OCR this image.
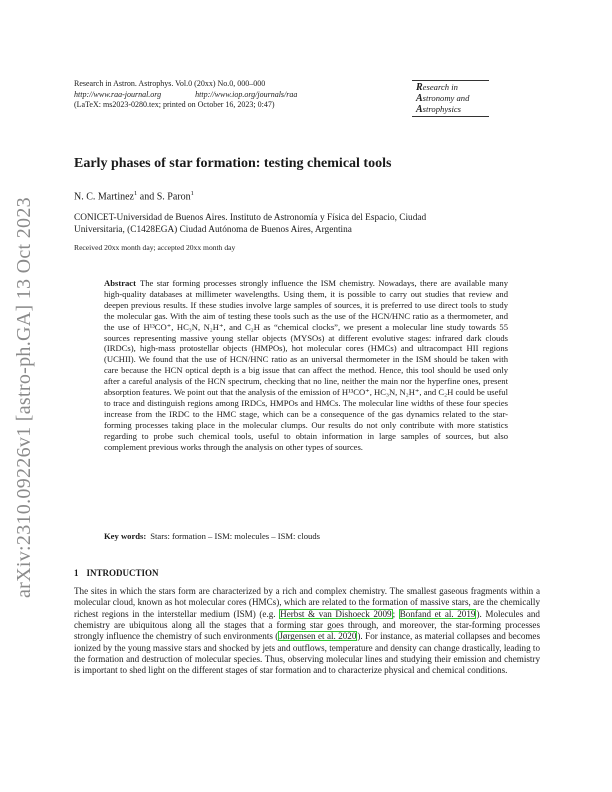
arXiv:2310.09226v1 [astro-ph.GA] 13 Oct 2023
Research in Astron. Astrophys. Vol.0 (20xx) No.0, 000–000
http://www.raa-journal.org	http://www.iop.org/journals/raa
(LaTeX: ms2023-0280.tex; printed on October 16, 2023; 0:47)
Research in
Astronomy and
Astrophysics
Early phases of star formation: testing chemical tools
N. C. Martinez$^1$ and S. Paron$^1$
CONICET-Universidad de Buenos Aires. Instituto de Astronomía y Física del Espacio, Ciudad Universitaria, (C1428EGA) Ciudad Autónoma de Buenos Aires, Argentina
Received 20xx month day; accepted 20xx month day
Abstract The star forming processes strongly influence the ISM chemistry. Nowadays, there are available many high-quality databases at millimeter wavelengths. Using them, it is possible to carry out studies that review and deepen previous results. If these studies involve large samples of sources, it is preferred to use direct tools to study the molecular gas. With the aim of testing these tools such as the use of the HCN/HNC ratio as a thermometer, and the use of H¹³CO⁺, HC₃N, N₂H⁺, and C₂H as “chemical clocks”, we present a molecular line study towards 55 sources representing massive young stellar objects (MYSOs) at different evolutive stages: infrared dark clouds (IRDCs), high-mass protostellar objects (HMPOs), hot molecular cores (HMCs) and ultracompact HII regions (UCHII). We found that the use of HCN/HNC ratio as an universal thermometer in the ISM should be taken with care because the HCN optical depth is a big issue that can affect the method. Hence, this tool should be used only after a careful analysis of the HCN spectrum, checking that no line, neither the main nor the hyperfine ones, present absorption features. We point out that the analysis of the emission of H¹³CO⁺, HC₃N, N₂H⁺, and C₂H could be useful to trace and distinguish regions among IRDCs, HMPOs and HMCs. The molecular line widths of these four species increase from the IRDC to the HMC stage, which can be a consequence of the gas dynamics related to the star-forming processes taking place in the molecular clumps. Our results do not only contribute with more statistics regarding to probe such chemical tools, useful to obtain information in large samples of sources, but also complement previous works through the analysis on other types of sources.
Key words: Stars: formation – ISM: molecules – ISM: clouds
1 INTRODUCTION
The sites in which the stars form are characterized by a rich and complex chemistry. The smallest gaseous fragments within a molecular cloud, known as hot molecular cores (HMCs), which are related to the formation of massive stars, are the chemically richest regions in the interstellar medium (ISM) (e.g. Herbst & van Dishoeck 2009; Bonfand et al. 2019). Molecules and chemistry are ubiquitous along all the stages that a forming star goes through, and moreover, the star-forming processes strongly influence the chemistry of such environments (Jørgensen et al. 2020). For instance, as material collapses and becomes ionized by the young massive stars and shocked by jets and outflows, temperature and density can change drastically, leading to the formation and destruction of molecular species. Thus, observing molecular lines and studying their emission and chemistry is important to shed light on the different stages of star formation and to characterize physical and chemical conditions.
